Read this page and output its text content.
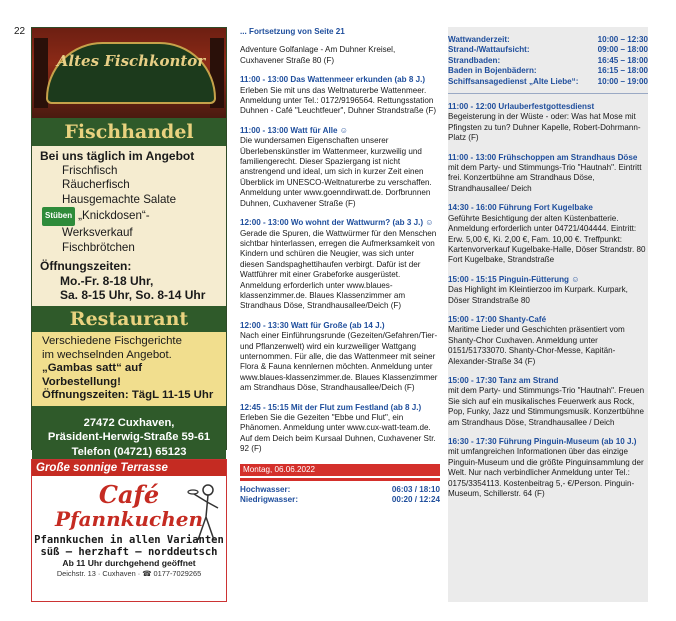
22
Altes Fischkontor
Fischhandel
Bei uns täglich im Angebot
Frischfisch
Räucherfisch
Hausgemachte Salate
Stüben „Knickdosen“-
Werksverkauf
Fischbrötchen
Öffnungszeiten:
Mo.-Fr. 8-18 Uhr,
Sa. 8-15 Uhr, So. 8-14 Uhr
Restaurant
Verschiedene Fischgerichte
im wechselnden Angebot.
„Gambas satt“ auf Vorbestellung!
Öffnungszeiten: TägL 11-15 Uhr
27472 Cuxhaven,
Präsident-Herwig-Straße 59-61
Telefon (04721) 65123
Große sonnige Terrasse
Café
Pfannkuchen
Pfannkuchen in allen Varianten
süß – herzhaft – norddeutsch
Ab 11 Uhr durchgehend geöffnet
Deichstr. 13 · Cuxhaven · ☎ 0177-7029265
... Fortsetzung von Seite 21
Adventure Golfanlage - Am Duhner Kreisel, Cuxhavener Straße 80 (F)

11:00 - 13:00 Das Wattenmeer erkunden (ab 8 J.)

Erleben Sie mit uns das Weltnaturerbe Wattenmeer. Anmeldung unter Tel.: 0172/9196564. Rettungsstation Duhnen - Café "Leuchtfeuer", Duhner Strandstraße (F)

11:00 - 13:00 Watt für Alle ☺

Die wundersamen Eigenschaften unserer Überlebenskünstler im Wattenmeer, kurzweilig und familiengerecht. Dieser Spaziergang ist nicht anstrengend und ideal, um sich in kurzer Zeit einen Überblick im UNESCO-Weltnaturerbe zu verschaffen. Anmeldung unter www.goenndirwatt.de. Dorfbrunnen Duhnen, Cuxhavener Straße (F)

12:00 - 13:00 Wo wohnt der Wattwurm? (ab 3 J.) ☺

Gerade die Spuren, die Wattwürmer für den Menschen sichtbar hinterlassen, erregen die Aufmerksamkeit von Kindern und schüren die Neugier, was sich unter diesen Sandspaghettihaufen verbirgt. Dafür ist der Wattführer mit einer Grabeforke ausgerüstet. Anmeldung erforderlich unter www.blaues-klassenzimmer.de. Blaues Klassenzimmer am Strandhaus Döse, Strandhausallee/Deich (F)

12:00 - 13:30 Watt für Große (ab 14 J.)

Nach einer Einführungsrunde (Gezeiten/Gefahren/Tier- und Pflanzenwelt) wird ein kurzweiliger Wattgang unternommen. Für alle, die das Wattenmeer mit seiner Flora & Fauna kennlernen möchten. Anmeldung unter www.blaues-klassenzimmer.de. Blaues Klassenzimmer am Strandhaus Döse, Strandhausallee/Deich (F)

12:45 - 15:15 Mit der Flut zum Festland (ab 8 J.)

Erleben Sie die Gezeiten "Ebbe und Flut", ein Phänomen. Anmeldung unter www.cux-watt-team.de. Auf dem Deich beim Kursaal Duhnen, Cuxhavener Str. 92 (F)

Montag, 06.06.2022
Hochwasser:	06:03 / 18:10
Niedrigwasser:	00:20 / 12:24
Wattwanderzeit:	10:00 – 12:30
Strand-/Wattaufsicht:	09:00 – 18:00
Strandbaden:	16:45 – 18:00
Baden in Bojenbädern:	16:15 – 18:00
Schiffsansagedienst „Alte Liebe“: 10:00 – 19:00

11:00 - 12:00 Urlauberfestgottesdienst

Begeisterung in der Wüste - oder: Was hat Mose mit Pfingsten zu tun? Duhner Kapelle, Robert-Dohrmann-Platz (F)

11:00 - 13:00 Frühschoppen am Strandhaus Döse

mit dem Party- und Stimmungs-Trio "Hautnah". Eintritt frei. Konzertbühne am Strandhaus Döse, Strandhausallee/ Deich

14:30 - 16:00 Führung Fort Kugelbake

Geführte Besichtigung der alten Küstenbatterie. Anmeldung erforderlich unter 04721/404444. Eintritt: Erw. 5,00 €, Ki. 2,00 €, Fam. 10,00 €. Treffpunkt: Kartenvorverkauf Kugelbake-Halle, Döser Strandstr. 80 Fort Kugelbake, Strandstraße

15:00 - 15:15 Pinguin-Fütterung ☺

Das Highlight im Kleintierzoo im Kurpark. Kurpark, Döser Strandstraße 80

15:00 - 17:00 Shanty-Café

Maritime Lieder und Geschichten präsentiert vom Shanty-Chor Cuxhaven. Anmeldung unter 0151/51733070. Shanty-Chor-Messe, Kapitän-Alexander-Straße 34 (F)

15:00 - 17:30 Tanz am Strand

mit dem Party- und Stimmungs-Trio "Hautnah". Freuen Sie sich auf ein musikalisches Feuerwerk aus Rock, Pop, Funky, Jazz und Stimmungsmusik. Konzertbühne am Strandhaus Döse, Strandhausallee / Deich

16:30 - 17:30 Führung Pinguin-Museum (ab 10 J.)

mit umfangreichen Informationen über das einzige Pinguin-Museum und die größte Pinguinsammlung der Welt. Nur nach verbindlicher Anmeldung unter Tel.: 0175/3354113. Kostenbeitrag 5,- €/Person. Pinguin-Museum, Schillerstr. 64 (F)
